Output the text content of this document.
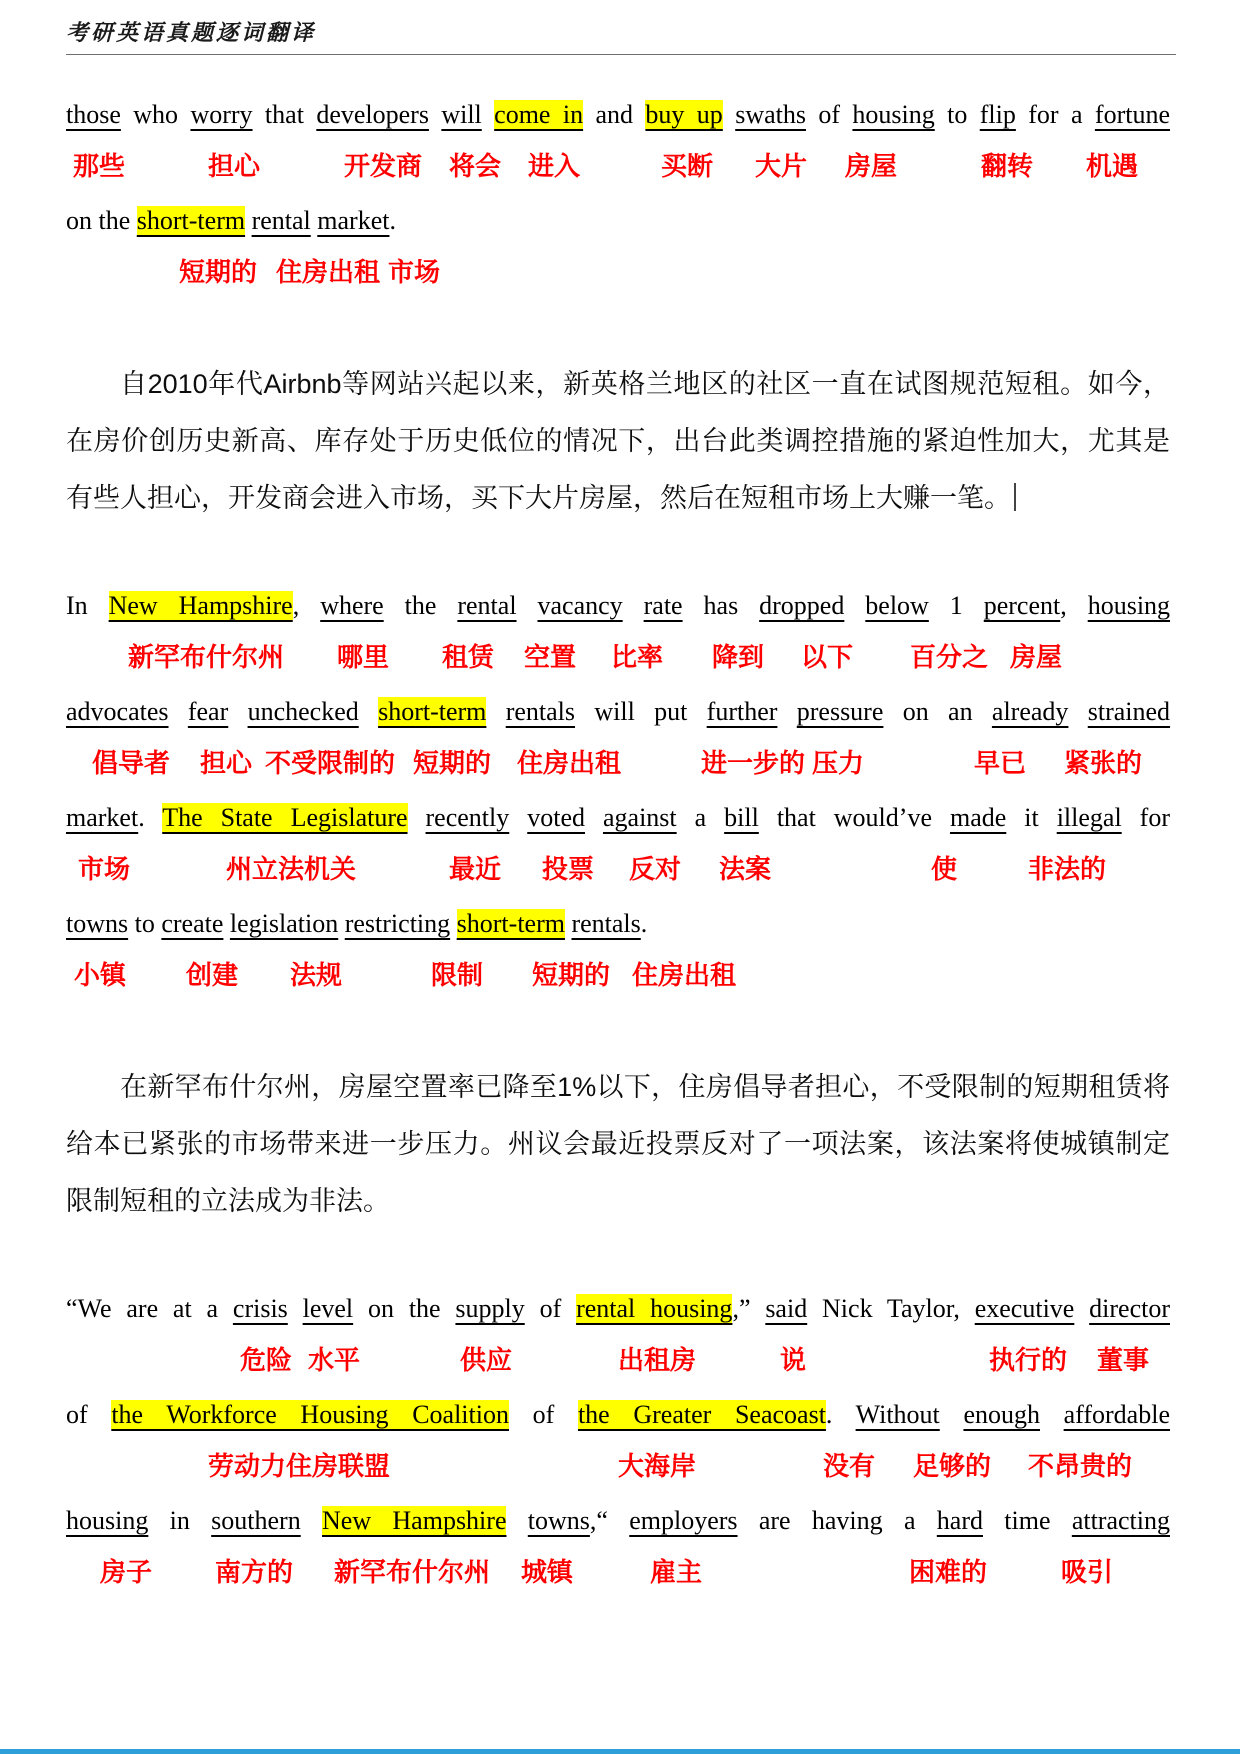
考研英语真题逐词翻译
those who worry that developers will come in and buy up swaths of housing to flip for a fortune
那些	担心	开发商 将会 进入	买断 大片 房屋	翻转 机遇
on the short-term rental market.
短期的 住房出租 市场

自2010年代Airbnb等网站兴起以来，新英格兰地区的社区一直在试图规范短租。如今，在房价创历史新高、库存处于历史低位的情况下，出台此类调控措施的紧迫性加大，尤其是有些人担心，开发商会进入市场，买下大片房屋，然后在短租市场上大赚一笔。

In New Hampshire, where the rental vacancy rate has dropped below 1 percent, housing
新罕布什尔州 哪里 租赁 空置 比率 降到 以下 百分之 房屋
advocates fear unchecked short-term rentals will put further pressure on an already strained
倡导者 担心 不受限制的 短期的 住房出租	进一步的 压力	早已 紧张的
market. The State Legislature recently voted against a bill that would’ve made it illegal for
市场	州立法机关	最近 投票 反对 法案	使	非法的
towns to create legislation restricting short-term rentals.
小镇 创建 法规	限制 短期的 住房出租

在新罕布什尔州，房屋空置率已降至1%以下，住房倡导者担心，不受限制的短期租赁将给本已紧张的市场带来进一步压力。州议会最近投票反对了一项法案，该法案将使城镇制定限制短租的立法成为非法。

“We are at a crisis level on the supply of rental housing,” said Nick Taylor, executive director
危险 水平	供应	出租房	说	执行的 董事
of the Workforce Housing Coalition of the Greater Seacoast. Without enough affordable
劳动力住房联盟	大海岸	没有 足够的 不昂贵的
housing in southern New Hampshire towns,“ employers are having a hard time attracting
房子 南方的 新罕布什尔州 城镇	雇主	困难的	吸引
